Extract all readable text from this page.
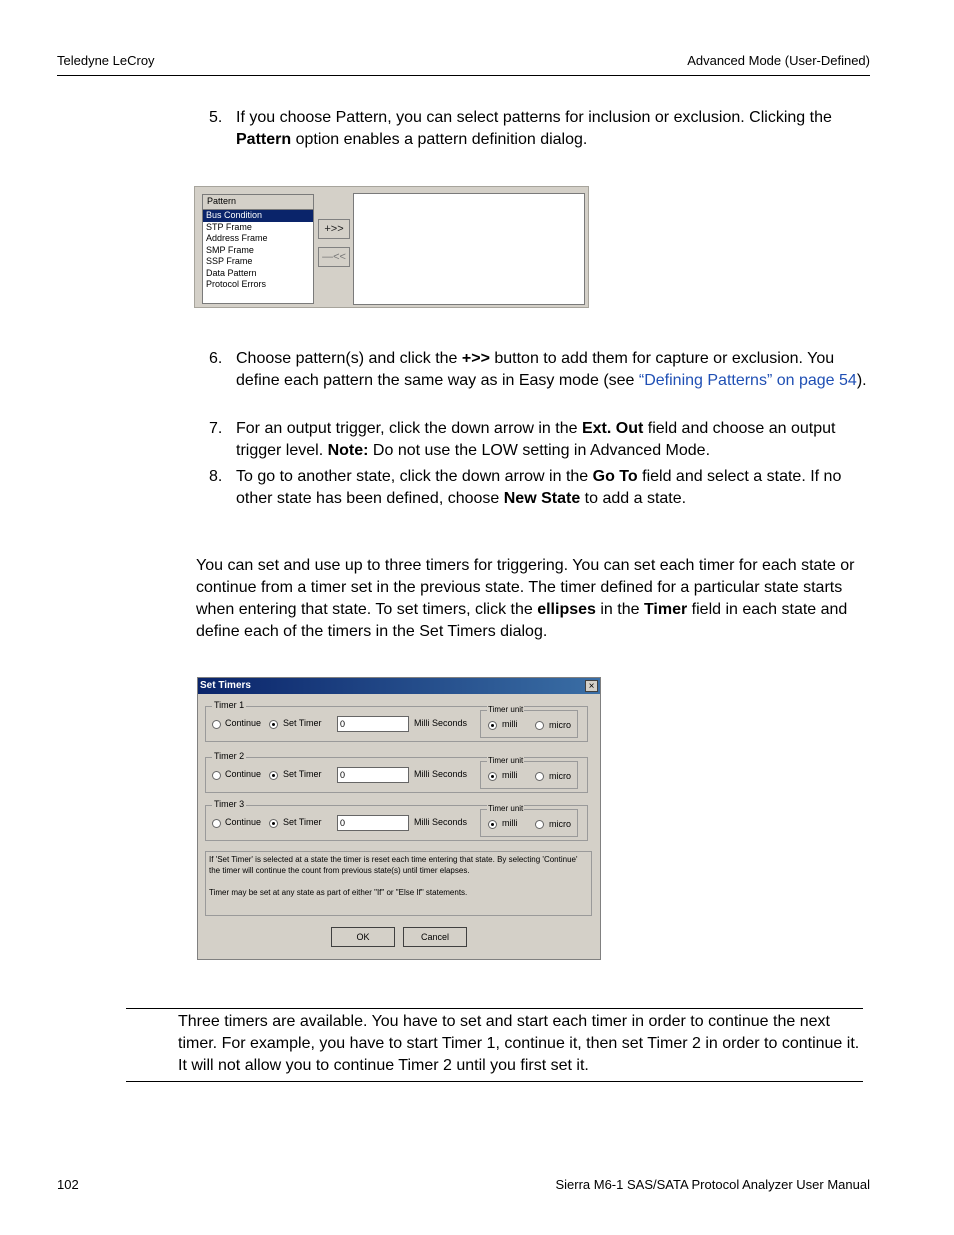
Teledyne LeCroy	Advanced Mode (User-Defined)
5. If you choose Pattern, you can select patterns for inclusion or exclusion. Clicking the Pattern option enables a pattern definition dialog.
Pattern
Bus Condition
STP Frame
Address Frame
SMP Frame
SSP Frame
Data Pattern
Protocol Errors
+>>
—<<
6. Choose pattern(s) and click the +>> button to add them for capture or exclusion. You define each pattern the same way as in Easy mode (see “Defining Patterns” on page 54).
7. For an output trigger, click the down arrow in the Ext. Out field and choose an output trigger level. Note: Do not use the LOW setting in Advanced Mode.
8. To go to another state, click the down arrow in the Go To field and select a state. If no other state has been defined, choose New State to add a state.
You can set and use up to three timers for triggering. You can set each timer for each state or continue from a timer set in the previous state. The timer defined for a particular state starts when entering that state. To set timers, click the ellipses in the Timer field in each state and define each of the timers in the Set Timers dialog.
Set Timers	×
Timer 1
Continue Set Timer	0	Milli Seconds
Timer unit
milli	micro
Timer 2
Continue Set Timer	0	Milli Seconds
Timer unit
milli	micro
Timer 3
Continue Set Timer	0	Milli Seconds
Timer unit
milli	micro

If 'Set Timer' is selected at a state the timer is reset each time entering that state. By selecting 'Continue' the timer will continue the count from previous state(s) until timer elapses.

Timer may be set at any state as part of either "If" or "Else If" statements.

OK	Cancel
Three timers are available. You have to set and start each timer in order to continue the next timer. For example, you have to start Timer 1, continue it, then set Timer 2 in order to continue it. It will not allow you to continue Timer 2 until you first set it.
102	Sierra M6-1 SAS/SATA Protocol Analyzer User Manual
